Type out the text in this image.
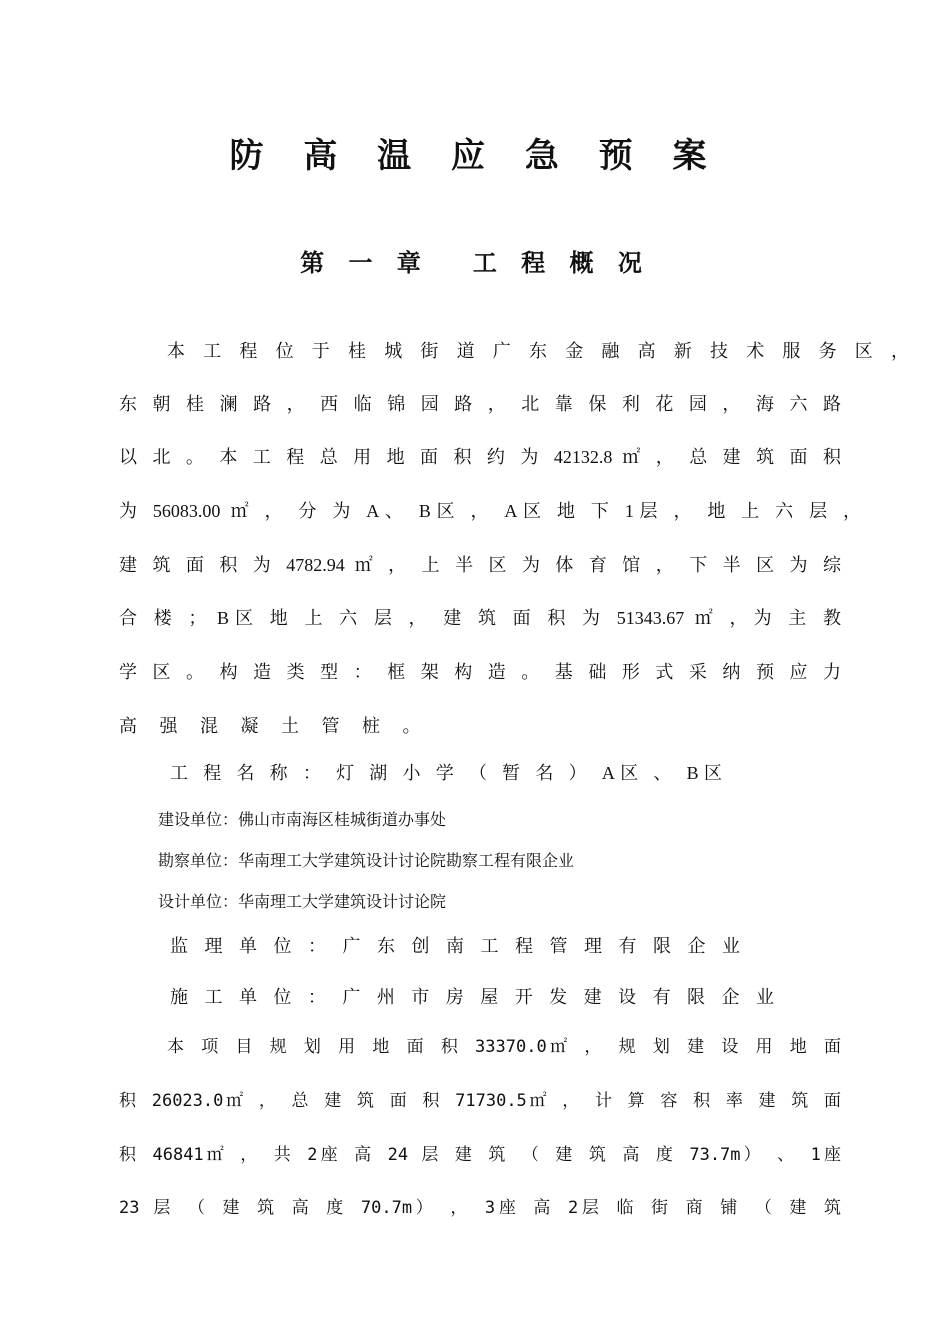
防 高 温 应 急 预 案
第 一 章 工 程 概 况

本 工 程 位 于 桂 城 街 道 广 东 金 融 高 新 技 术 服 务 区 ，

东 朝 桂 澜 路 ， 西 临 锦 园 路 ， 北 靠 保 利 花 园 ， 海 六 路

以 北 。 本 工 程 总 用 地 面 积 约 为 42132.8 ㎡ ， 总 建 筑 面 积

为 56083.00 ㎡ ， 分 为 A、 B区 ， A区 地 下 1层 ， 地 上 六 层 ，

建 筑 面 积 为 4782.94 ㎡ ， 上 半 区 为 体 育 馆 ， 下 半 区 为 综

合 楼 ； B区 地 上 六 层 ， 建 筑 面 积 为 51343.67 ㎡ ，为 主 教

学 区 。 构 造 类 型 ： 框 架 构 造 。 基 础 形 式 采 纳 预 应 力

高 强 混 凝 土 管 桩 。

工 程 名 称 ： 灯 湖 小 学 （ 暂 名 ） A区 、 B区

建设单位：佛山市南海区桂城街道办事处

勘察单位：华南理工大学建筑设计讨论院勘察工程有限企业

设计单位：华南理工大学建筑设计讨论院

监 理 单 位 ： 广 东 创 南 工 程 管 理 有 限 企 业

施 工 单 位 ： 广 州 市 房 屋 开 发 建 设 有 限 企 业

本 项 目 规 划 用 地 面 积 33370.0㎡ ， 规 划 建 设 用 地 面

积 26023.0㎡ ， 总 建 筑 面 积 71730.5㎡ ， 计 算 容 积 率 建 筑 面

积 46841㎡ ， 共 2座 高 24 层 建 筑 （ 建 筑 高 度 73.7m） 、 1座

23 层 （ 建 筑 高 度 70.7m） ， 3座 高 2层 临 街 商 铺 （ 建 筑
